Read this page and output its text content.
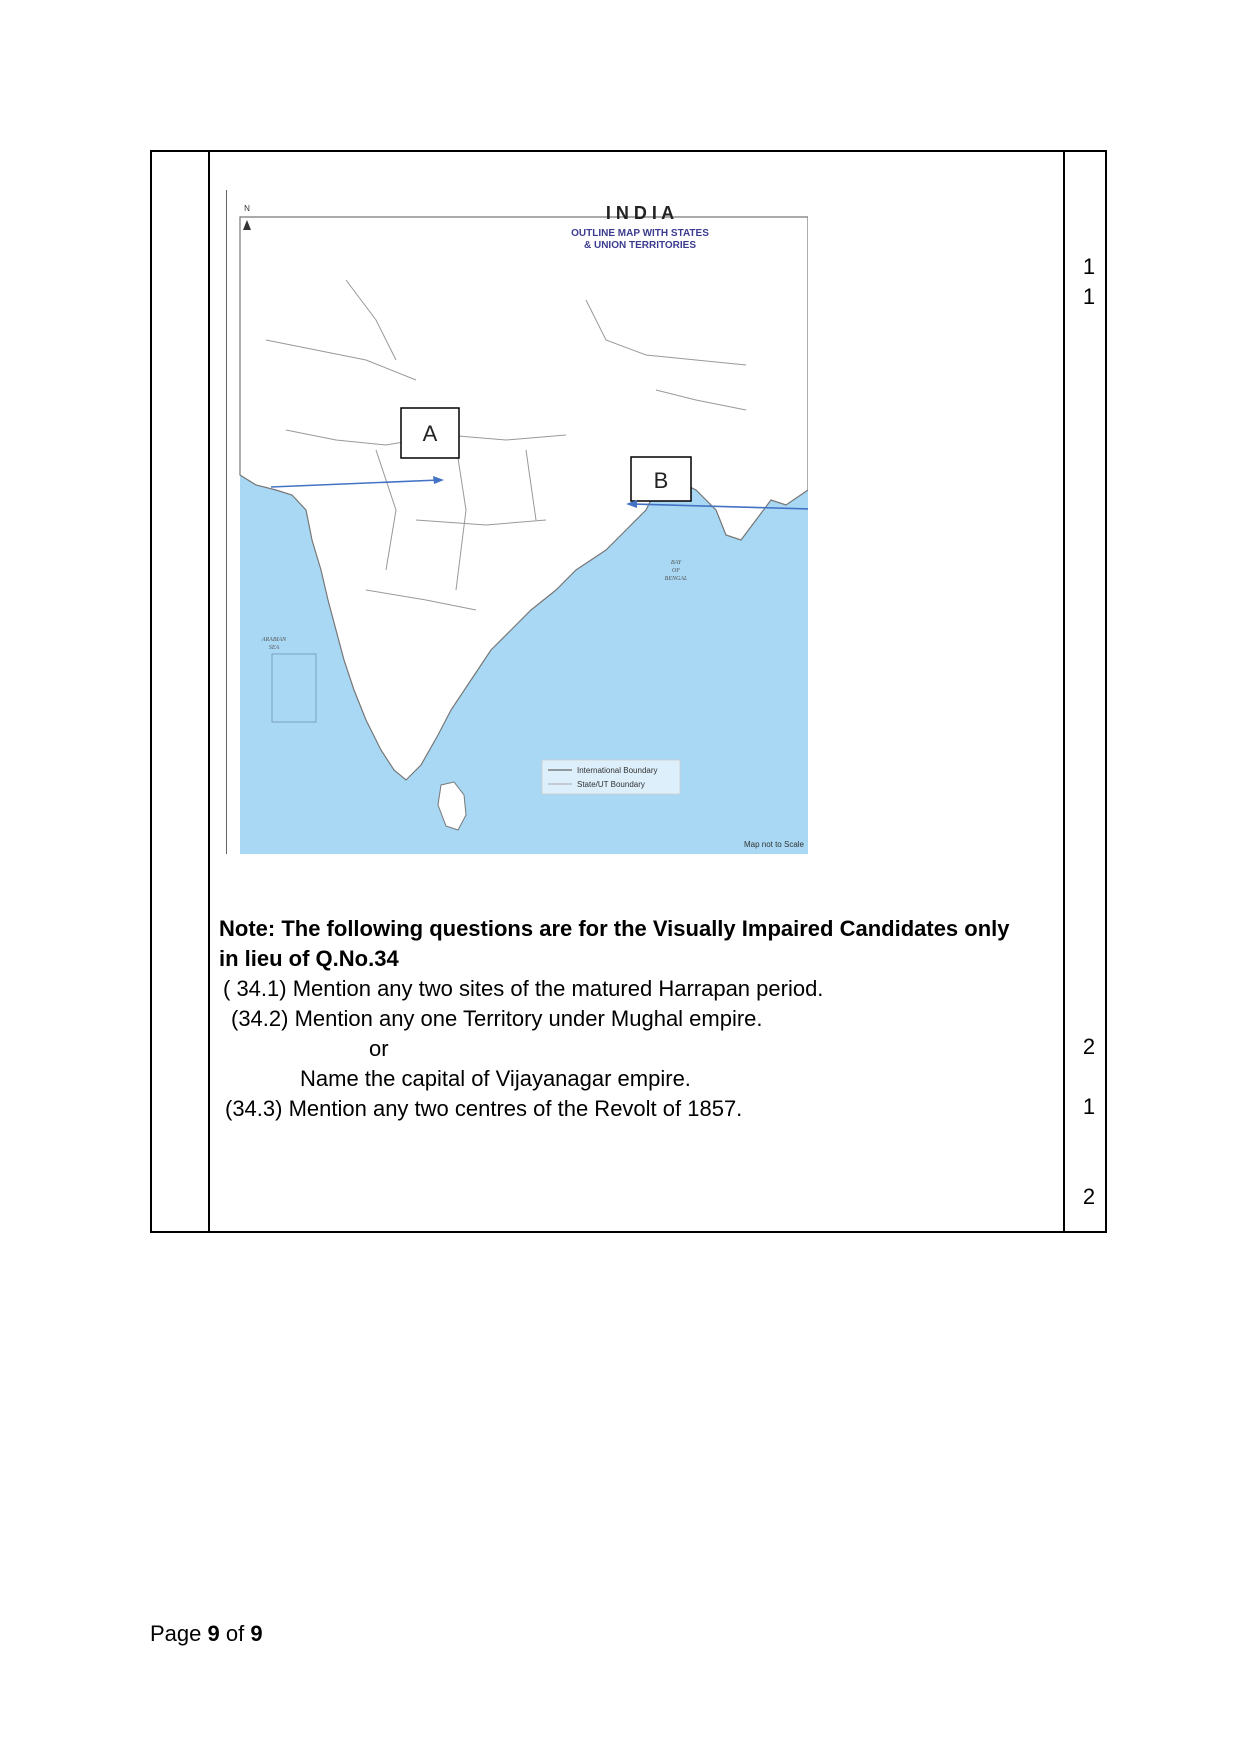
I N D I A
OUTLINE MAP WITH STATES
& UNION TERRITORIES
N
ARABIAN
SEA
BAY
OF
BENGAL
International Boundary
State/UT Boundary
Map not to Scale
A
B
1
1
2
1
2
Note: The following questions are for the Visually Impaired Candidates only
in lieu of Q.No.34
( 34.1) Mention any two sites of the matured Harrapan period.
(34.2) Mention any one Territory under Mughal empire.
or
Name the capital of Vijayanagar empire.
(34.3) Mention any two centres of the Revolt of 1857.
Page 9 of 9
